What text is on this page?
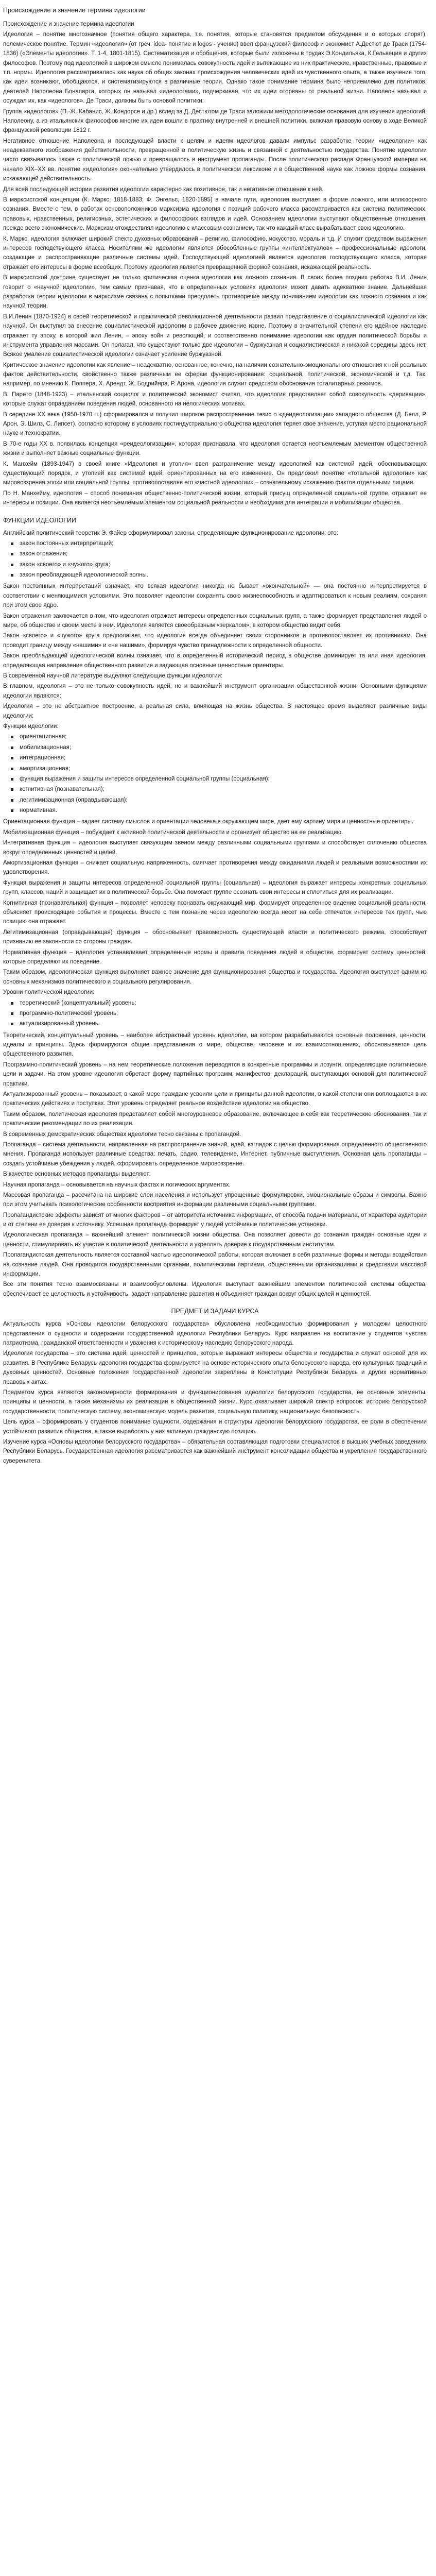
Происхождение и значение термина идеологии

Происхождение и значение термина идеологии

Идеология – понятие многозначное (понятия общего характера, т.е. понятия, которые становятся предметом обсуждения и о которых спорят), полемическое понятие. Термин «идеология» (от греч. idea- понятие и logos - учение) ввел французский философ и экономист А.Дестют де Траси (1754-1836) («Элементы идеологии». Т. 1-4, 1801-1815). Систематизация и обобщения, которые были изложены в трудах Э.Кондильяка, К.Гельвеция и других философов. Поэтому под идеологией в широком смысле понималась совокупность идей и вытекающие из них практические, нравственные, правовые и т.п. нормы. Идеология рассматривалась как наука об общих законах происхождения человеческих идей из чувственного опыта, а также изучения того, как идеи возникают, обобщаются, и систематизируются в различные теории. Однако такое понимание термина было неприемлемо для политиков, деятелей Наполеона Бонапарта, которых он называл «идеологами», подчеркивая, что их идеи оторваны от реальной жизни. Наполеон называл и осуждал их, как «идеологов». Де Траси, должны быть основой политики.

Группа «идеологов» (П.-Ж. Кабанис, Ж. Кондорсе и др.) вслед за Д. Дестютом де Траси заложили методологические основания для изучения идеологий. Наполеону, а из итальянских философов многие их идеи вошли в практику внутренней и внешней политики, включая правовую основу в ходе Великой французской революции 1812 г.

Негативное отношение Наполеона и последующей власти к целям и идеям идеологов давали импульс разработке теории «идеологии» как неадекватного изображения действительности, превращенной в политическую жизнь и связанной с деятельностью государства. Понятие идеологии часто связывалось также с политической ложью и превращалось в инструмент пропаганды. После политического распада Французской империи на начало XIX–XX вв. понятие «идеология» окончательно утвердилось в политическом лексиконе и в общественной науке как ложное формы сознания, искажающей действительность.

Для всей последующей истории развития идеологии характерно как позитивное, так и негативное отношение к ней.

В марксистской концепции (К. Маркс, 1818-1883; Ф. Энгельс, 1820-1895) в начале пути, идеология выступает в форме ложного, или иллюзорного сознания. Вместе с тем, в работах основоположников марксизма идеология с позиций рабочего класса рассматривается как система политических, правовых, нравственных, религиозных, эстетических и философских взглядов и идей. Основанием идеологии выступают общественные отношения, прежде всего экономические. Марксизм отождествлял идеологию с классовым сознанием, так что каждый класс вырабатывает свою идеологию.

К. Маркс, идеология включает широкий спектр духовных образований – религию, философию, искусство, мораль и т.д. И служит средством выражения интересов господствующего класса. Носителями же идеологии являются обособленные группы «интеллектуалов» – профессиональные идеологи, создающие и распространяющие различные системы идей. Господствующей идеологией является идеология господствующего класса, которая отражает его интересы в форме всеобщих. Поэтому идеология является превращенной формой сознания, искажающей реальность.

В марксистской доктрине существует не только критическая оценка идеологии как ложного сознания. В своих более поздних работах В.И. Ленин говорит о «научной идеологии», тем самым признавая, что в определенных условиях идеология может давать адекватное знание. Дальнейшая разработка теории идеологии в марксизме связана с попытками преодолеть противоречие между пониманием идеологии как ложного сознания и как научной теории.

В.И.Ленин (1870-1924) в своей теоретической и практической революционной деятельности развил представление о социалистической идеологии как научной. Он выступил за внесение социалистической идеологии в рабочее движение извне. Поэтому в значительной степени его идейное наследие отражает ту эпоху, в которой жил Ленин, – эпоху войн и революций, и соответственно понимание идеологии как орудия политической борьбы и инструмента управления массами. Он полагал, что существуют только две идеологии – буржуазная и социалистическая и никакой середины здесь нет. Всякое умаление социалистической идеологии означает усиление буржуазной.

Критическое значение идеологии как явление – неадекватно, основанное, конечно, на наличии сознательно-эмоционального отношения к ней реальных фактов действительности, свойственно также различным ее сферам функционирования: социальной, политической, экономической и т.д. Так, например, по мнению К. Поппера, Х. Арендт, Ж. Бодрийяра, Р. Арона, идеология служит средством обоснования тоталитарных режимов.

В. Парето (1848-1923) – итальянский социолог и политический экономист считал, что идеология представляет собой совокупность «деривации», которые служат оправданием поведения людей, основанного на нелогических мотивах.

В середине ХХ века (1950-1970 гг.) сформировался и получил широкое распространение тезис о «деидеологизации» западного общества (Д. Белл, Р. Арон, Э. Шилз, С. Липсет), согласно которому в условиях постиндустриального общества идеология теряет свое значение, уступая место рациональной науке и технократии.

В 70-е годы ХХ в. появилась концепция «реидеологизации», которая признавала, что идеология остается неотъемлемым элементом общественной жизни и выполняет важные социальные функции.

К. Манхейм (1893-1947) в своей книге «Идеология и утопия» ввел разграничение между идеологией как системой идей, обосновывающих существующий порядок, и утопией как системой идей, ориентированных на его изменение. Он предложил понятие «тотальной идеологии» как мировоззрения эпохи или социальной группы, противопоставляя его «частной идеологии» – сознательному искажению фактов отдельными лицами.

По Н. Манхейму, идеология – способ понимания общественно-политической жизни, который присущ определенной социальной группе, отражает ее интересы и позиции. Она является неотъемлемым элементом социальной реальности и необходима для интеграции и мобилизации общества.

ФУНКЦИИ ИДЕОЛОГИИ

Английский политический теоретик Э. Файер сформулировал законы, определяющие функционирование идеологии: это:

закон постоянных интерпретаций;
закон отражения;
закон «своего» и «чужого» круга;
закон преобладающей идеологической волны.

Закон постоянных интерпретаций означает, что всякая идеология никогда не бывает «окончательной» — она постоянно интерпретируется в соответствии с меняющимися условиями. Это позволяет идеологии сохранять свою жизнеспособность и адаптироваться к новым реалиям, сохраняя при этом свое ядро.

Закон отражения заключается в том, что идеология отражает интересы определенных социальных групп, а также формирует представления людей о мире, об обществе и своем месте в нем. Идеология является своеобразным «зеркалом», в котором общество видит себя.

Закон «своего» и «чужого» круга предполагает, что идеология всегда объединяет своих сторонников и противопоставляет их противникам. Она проводит границу между «нашими» и «не нашими», формируя чувство принадлежности к определенной общности.

Закон преобладающей идеологической волны означает, что в определенный исторический период в обществе доминирует та или иная идеология, определяющая направление общественного развития и задающая основные ценностные ориентиры.

В современной научной литературе выделяют следующие функции идеологии:

В главном, идеология – это не только совокупность идей, но и важнейший инструмент организации общественной жизни. Основными функциями идеологии являются:

Идеология – это не абстрактное построение, а реальная сила, влияющая на жизнь общества. В настоящее время выделяют различные виды идеологии:

Функции идеологии:

ориентационная;
мобилизационная;
интеграционная;
амортизационная;
функция выражения и защиты интересов определенной социальной группы (социальная);
когнитивная (познавательная);
легитимизационная (оправдывающая);
нормативная.

Ориентационная функция – задает систему смыслов и ориентации человека в окружающем мире, дает ему картину мира и ценностные ориентиры.

Мобилизационная функция – побуждает к активной политической деятельности и организует общество на ее реализацию.

Интегративная функция – идеология выступает связующим звеном между различными социальными группами и способствует сплочению общества вокруг определенных ценностей и целей.

Амортизационная функция – снижает социальную напряженность, смягчает противоречия между ожиданиями людей и реальными возможностями их удовлетворения.

Функция выражения и защиты интересов определенной социальной группы (социальная) – идеология выражает интересы конкретных социальных групп, классов, наций и защищает их в политической борьбе. Она помогает группе осознать свои интересы и сплотиться для их реализации.

Когнитивная (познавательная) функция – позволяет человеку познавать окружающий мир, формирует определенное видение социальной реальности, объясняет происходящие события и процессы. Вместе с тем познание через идеологию всегда несет на себе отпечаток интересов тех групп, чью позицию она отражает.

Легитимизационная (оправдывающая) функция – обосновывает правомерность существующей власти и политического режима, способствует признанию ее законности со стороны граждан.

Нормативная функция – идеология устанавливает определенные нормы и правила поведения людей в обществе, формирует систему ценностей, которые определяют их поведение.

Таким образом, идеологическая функция выполняет важное значение для функционирования общества и государства. Идеология выступает одним из основных механизмов политического и социального регулирования.

Уровни политической идеологии:

теоретический (концептуальный) уровень;
программно-политический уровень;
актуализированный уровень.

Теоретический, концептуальный уровень – наиболее абстрактный уровень идеологии, на котором разрабатываются основные положения, ценности, идеалы и принципы. Здесь формируются общие представления о мире, обществе, человеке и их взаимоотношениях, обосновывается цель общественного развития.

Программно-политический уровень – на нем теоретические положения переводятся в конкретные программы и лозунги, определяющие политические цели и задачи. На этом уровне идеология обретает форму партийных программ, манифестов, деклараций, выступающих основой для политической практики.

Актуализированный уровень – показывает, в какой мере граждане усвоили цели и принципы данной идеологии, в какой степени они воплощаются в их практических действиях и поступках. Этот уровень определяет реальное воздействие идеологии на общество.

Таким образом, политическая идеология представляет собой многоуровневое образование, включающее в себя как теоретические обоснования, так и практические рекомендации по их реализации.

В современных демократических обществах идеологии тесно связаны с пропагандой.

Пропаганда – система деятельности, направленная на распространение знаний, идей, взглядов с целью формирования определенного общественного мнения. Пропаганда использует различные средства: печать, радио, телевидение, Интернет, публичные выступления. Основная цель пропаганды – создать устойчивые убеждения у людей, сформировать определенное мировоззрение.

В качестве основных методов пропаганды выделяют:

Научная пропаганда – основывается на научных фактах и логических аргументах.

Массовая пропаганда – рассчитана на широкие слои населения и использует упрощенные формулировки, эмоциональные образы и символы. Важно при этом учитывать психологические особенности восприятия информации различными социальными группами.

Пропагандистские эффекты зависят от многих факторов – от авторитета источника информации, от способа подачи материала, от характера аудитории и от степени ее доверия к источнику. Успешная пропаганда формирует у людей устойчивые политические установки.

Идеологическая пропаганда – важнейший элемент политической жизни общества. Она позволяет довести до сознания граждан основные идеи и ценности, стимулировать их участие в политической деятельности и укреплять доверие к государственным институтам.

Пропагандистская деятельность является составной частью идеологической работы, которая включает в себя различные формы и методы воздействия на сознание людей. Она проводится государственными органами, политическими партиями, общественными организациями и средствами массовой информации.

Все эти понятия тесно взаимосвязаны и взаимообусловлены. Идеология выступает важнейшим элементом политической системы общества, обеспечивает ее целостность и устойчивость, задает направление развития и объединяет граждан вокруг общих целей и ценностей.

ПРЕДМЕТ И ЗАДАЧИ КУРСА

Актуальность курса «Основы идеологии белорусского государства» обусловлена необходимостью формирования у молодежи целостного представления о сущности и содержании государственной идеологии Республики Беларусь. Курс направлен на воспитание у студентов чувства патриотизма, гражданской ответственности и уважения к историческому наследию белорусского народа.

Идеология государства – это система идей, ценностей и принципов, которые выражают интересы общества и государства и служат основой для их развития. В Республике Беларусь идеология государства формируется на основе исторического опыта белорусского народа, его культурных традиций и духовных ценностей. Основные положения государственной идеологии закреплены в Конституции Республики Беларусь и других нормативных правовых актах.

Предметом курса являются закономерности формирования и функционирования идеологии белорусского государства, ее основные элементы, принципы и ценности, а также механизмы их реализации в общественной жизни. Курс охватывает широкий спектр вопросов: историю белорусской государственности, политическую систему, экономическую модель развития, социальную политику, национальную безопасность.

Цель курса – сформировать у студентов понимание сущности, содержания и структуры идеологии белорусского государства, ее роли в обеспечении устойчивого развития общества, а также выработать у них активную гражданскую позицию.

Изучение курса «Основы идеологии белорусского государства» – обязательная составляющая подготовки специалистов в высших учебных заведениях Республики Беларусь. Государственная идеология рассматривается как важнейший инструмент консолидации общества и укрепления государственного суверенитета.
